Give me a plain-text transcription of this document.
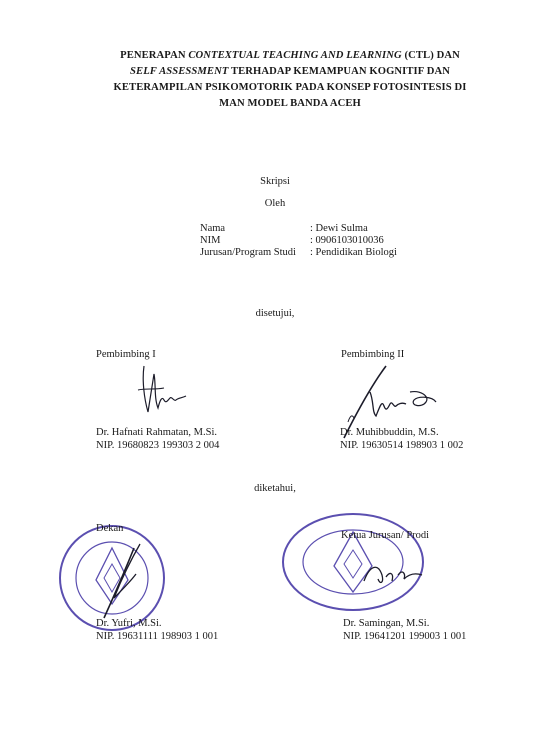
PENERAPAN CONTEXTUAL TEACHING AND LEARNING (CTL) DAN
SELF ASSESSMENT TERHADAP KEMAMPUAN KOGNITIF DAN
KETERAMPILAN PSIKOMOTORIK PADA KONSEP FOTOSINTESIS DI
MAN MODEL BANDA ACEH
Skripsi
Oleh
Nama	: Dewi Sulma
NIM	: 0906103010036
Jurusan/Program Studi	: Pendidikan Biologi
disetujui,
Pembimbing I
Dr. Hafnati Rahmatan, M.Si.
NIP. 19680823 199303 2 004
Pembimbing II
Dr. Muhibbuddin, M.S.
NIP. 19630514 198903 1 002
diketahui,
Dekan
Dr. Yufri, M.Si.
NIP. 19631111 198903 1 001
Ketua Jurusan/ Prodi
Dr. Samingan, M.Si.
NIP. 19641201 199003 1 001
